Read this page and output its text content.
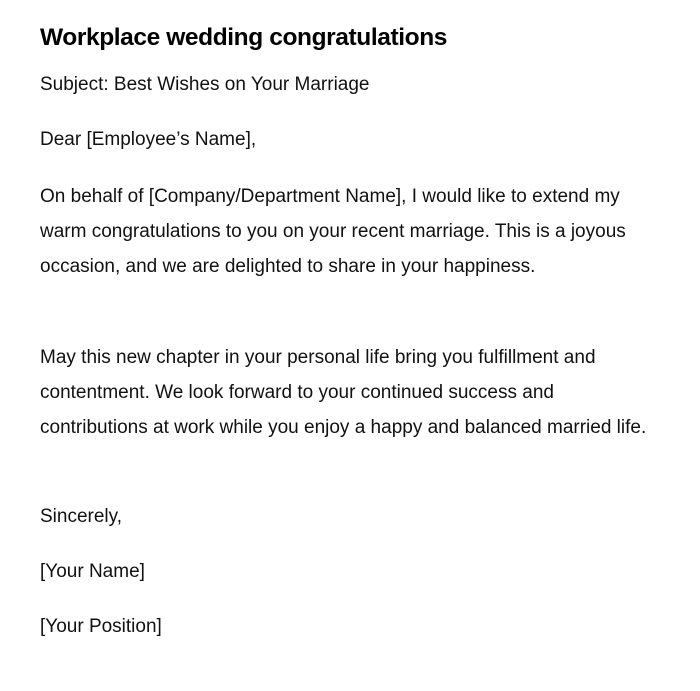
Workplace wedding congratulations

Subject: Best Wishes on Your Marriage

Dear [Employee’s Name],

On behalf of [Company/Department Name], I would like to extend my warm congratulations to you on your recent marriage. This is a joyous occasion, and we are delighted to share in your happiness.

May this new chapter in your personal life bring you fulfillment and contentment. We look forward to your continued success and contributions at work while you enjoy a happy and balanced married life.

Sincerely,

[Your Name]

[Your Position]
